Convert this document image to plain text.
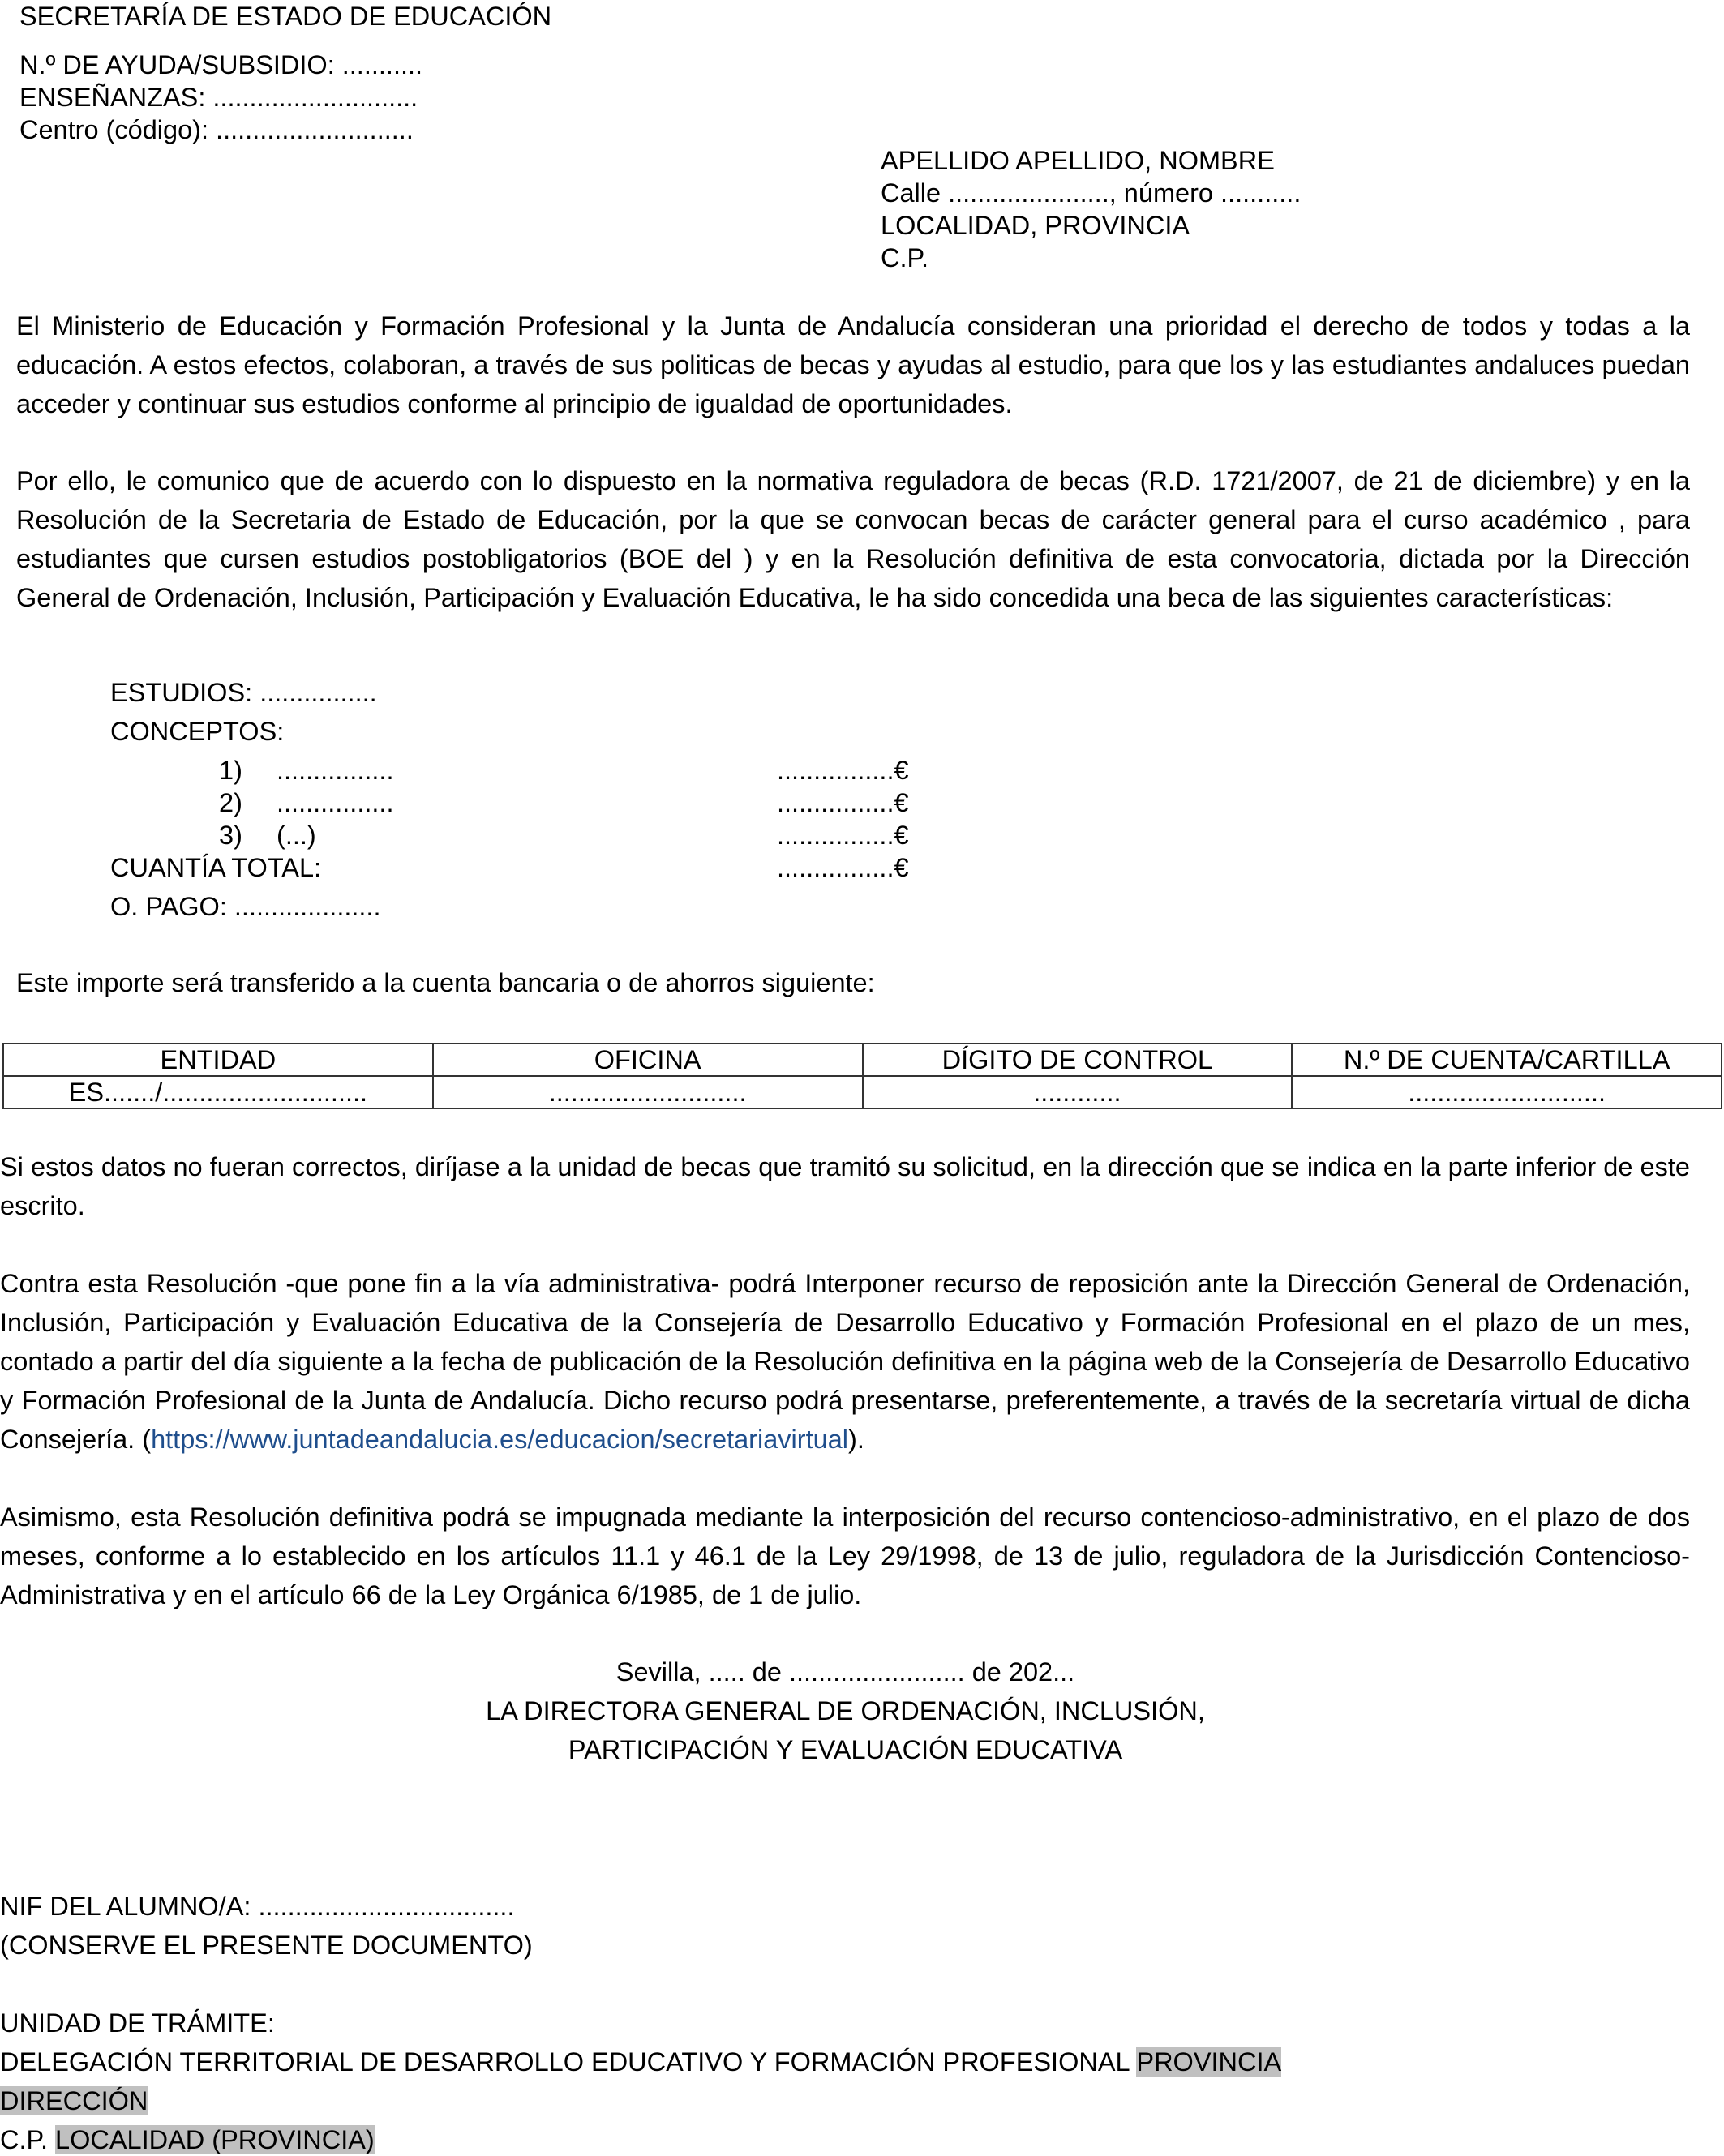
SECRETARÍA DE ESTADO DE EDUCACIÓN
N.º DE AYUDA/SUBSIDIO: ...........
ENSEÑANZAS: ............................
Centro (código): ...........................
APELLIDO APELLIDO, NOMBRE
Calle ......................, número ...........
LOCALIDAD, PROVINCIA
C.P.
El Ministerio de Educación y Formación Profesional y la Junta de Andalucía consideran una prioridad el derecho de todos y todas a la educación. A estos efectos, colaboran, a través de sus politicas de becas y ayudas al estudio, para que los y las estudiantes andaluces puedan acceder y continuar sus estudios conforme al principio de igualdad de oportunidades.
Por ello, le comunico que de acuerdo con lo dispuesto en la normativa reguladora de becas (R.D. 1721/2007, de 21 de diciembre) y en la Resolución de la Secretaria de Estado de Educación, por la que se convocan becas de carácter general para el curso académico , para estudiantes que cursen estudios postobligatorios (BOE del ) y en la Resolución definitiva de esta convocatoria, dictada por la Dirección General de Ordenación, Inclusión, Participación y Evaluación Educativa, le ha sido concedida una beca de las siguientes características:
ESTUDIOS: ................
CONCEPTOS:
1) ................	................€
2) ................	................€
3) (...)	................€
CUANTÍA TOTAL:	................€
O. PAGO: ....................
Este importe será transferido a la cuenta bancaria o de ahorros siguiente:
ENTIDAD	OFICINA	DÍGITO DE CONTROL	N.º DE CUENTA/CARTILLA
ES......./............................	...........................	............	...........................
Si estos datos no fueran correctos, diríjase a la unidad de becas que tramitó su solicitud, en la dirección que se indica en la parte inferior de este escrito.
Contra esta Resolución -que pone fin a la vía administrativa- podrá Interponer recurso de reposición ante la Dirección General de Ordenación, Inclusión, Participación y Evaluación Educativa de la Consejería de Desarrollo Educativo y Formación Profesional en el plazo de un mes, contado a partir del día siguiente a la fecha de publicación de la Resolución definitiva en la página web de la Consejería de Desarrollo Educativo y Formación Profesional de la Junta de Andalucía. Dicho recurso podrá presentarse, preferentemente, a través de la secretaría virtual de dicha Consejería. (https://www.juntadeandalucia.es/educacion/secretariavirtual).
Asimismo, esta Resolución definitiva podrá se impugnada mediante la interposición del recurso contencioso-administrativo, en el plazo de dos meses, conforme a lo establecido en los artículos 11.1 y 46.1 de la Ley 29/1998, de 13 de julio, reguladora de la Jurisdicción Contencioso-Administrativa y en el artículo 66 de la Ley Orgánica 6/1985, de 1 de julio.
Sevilla, ..... de ........................ de 202...
LA DIRECTORA GENERAL DE ORDENACIÓN, INCLUSIÓN,
PARTICIPACIÓN Y EVALUACIÓN EDUCATIVA
NIF DEL ALUMNO/A: ...................................
(CONSERVE EL PRESENTE DOCUMENTO)
UNIDAD DE TRÁMITE:
DELEGACIÓN TERRITORIAL DE DESARROLLO EDUCATIVO Y FORMACIÓN PROFESIONAL PROVINCIA
DIRECCIÓN
C.P. LOCALIDAD (PROVINCIA)
